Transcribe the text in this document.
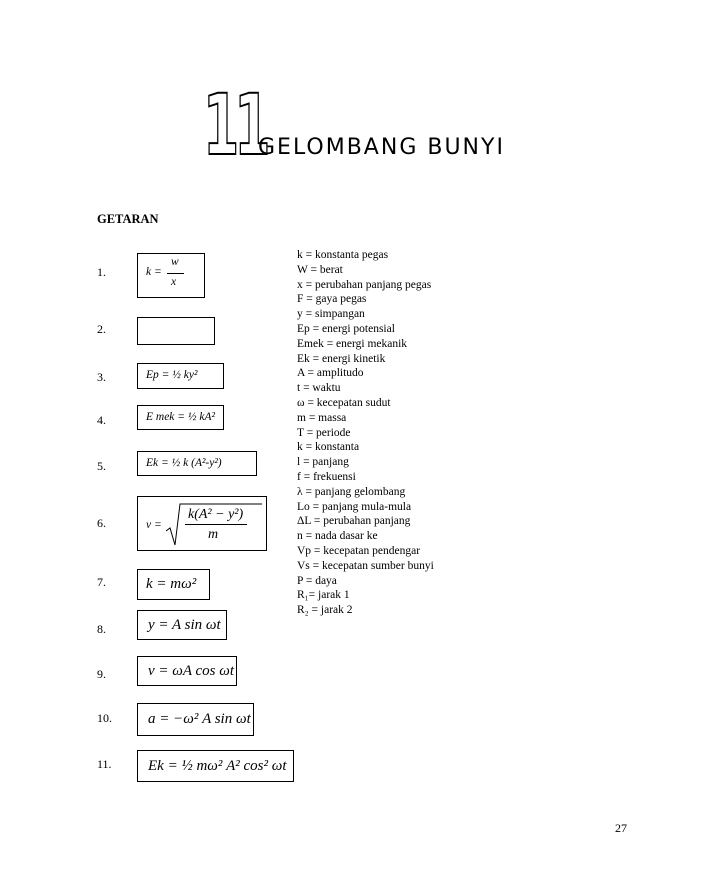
11
GELOMBANG BUNYI
GETARAN
1.	k =
w
x
2.
3.	Ep = ½ ky²
4.	E mek = ½ kA²
5.	Ek = ½ k (A²-y²)
6.	v =
k(A² − y²)
m
7.	k = mω²
8.	y = A sin ωt
9.	v = ωA cos ωt
10. a = −ω² A sin ωt
11. Ek = ½ mω² A² cos² ωt
k = konstanta pegas
W = berat
x = perubahan panjang pegas
F = gaya pegas
y = simpangan
Ep = energi potensial
Emek = energi mekanik
Ek = energi kinetik
A = amplitudo
t = waktu
ω = kecepatan sudut
m = massa
T = periode
k = konstanta
l = panjang
f = frekuensi
λ = panjang gelombang
Lo = panjang mula-mula
ΔL = perubahan panjang
n = nada dasar ke
Vp = kecepatan pendengar
Vs = kecepatan sumber bunyi
P = daya
R₁= jarak 1
R₂ = jarak 2
27
